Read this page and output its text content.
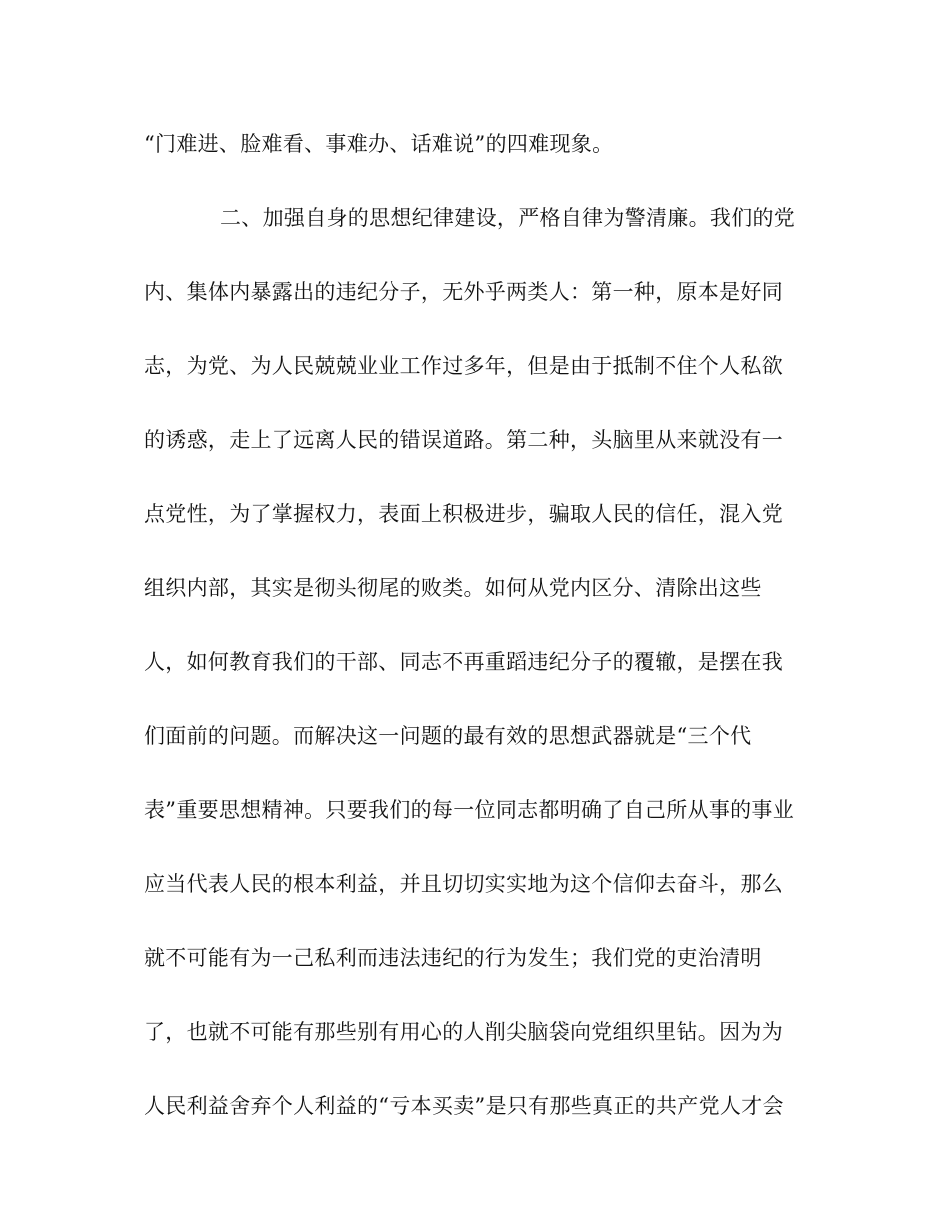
“门难进、脸难看、事难办、话难说”的四难现象。
二、加强自身的思想纪律建设，严格自律为警清廉。我们的党
内、集体内暴露出的违纪分子，无外乎两类人：第一种，原本是好同
志，为党、为人民兢兢业业工作过多年，但是由于抵制不住个人私欲
的诱惑，走上了远离人民的错误道路。第二种，头脑里从来就没有一
点党性，为了掌握权力，表面上积极进步，骗取人民的信任，混入党
组织内部，其实是彻头彻尾的败类。如何从党内区分、清除出这些
人，如何教育我们的干部、同志不再重蹈违纪分子的覆辙，是摆在我
们面前的问题。而解决这一问题的最有效的思想武器就是“三个代
表”重要思想精神。只要我们的每一位同志都明确了自己所从事的事业
应当代表人民的根本利益，并且切切实实地为这个信仰去奋斗，那么
就不可能有为一己私利而违法违纪的行为发生；我们党的吏治清明
了，也就不可能有那些别有用心的人削尖脑袋向党组织里钻。因为为
人民利益舍弃个人利益的“亏本买卖”是只有那些真正的共产党人才会
